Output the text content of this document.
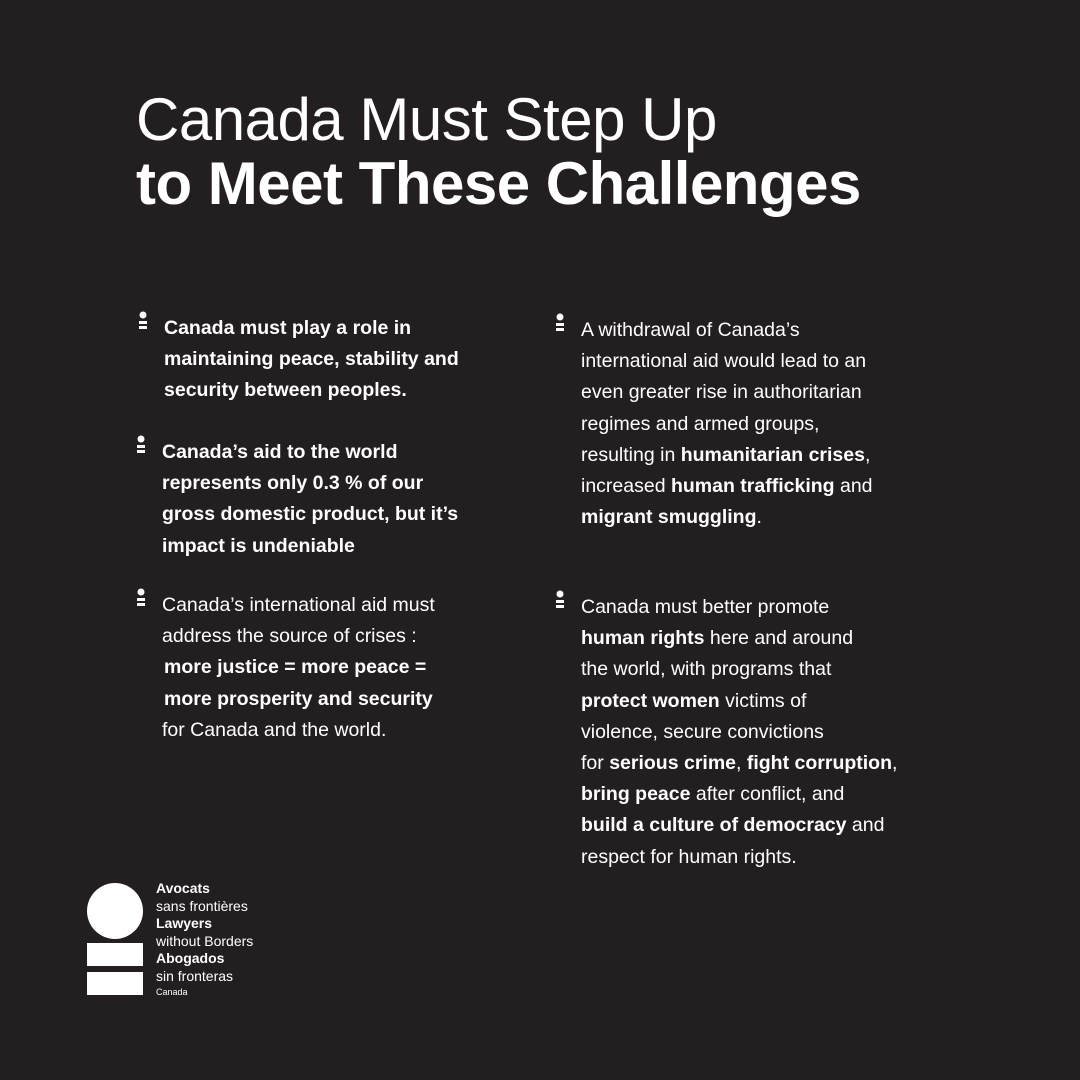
Canada Must Step Up
to Meet These Challenges

Canada must play a role in
maintaining peace, stability and
security between peoples.

Canada’s aid to the world
represents only 0.3 % of our
gross domestic product, but it’s
impact is undeniable

Canada’s international aid must
address the source of crises :
more justice = more peace =
more prosperity and security
for Canada and the world.

A withdrawal of Canada’s
international aid would lead to an
even greater rise in authoritarian
regimes and armed groups,
resulting in humanitarian crises,
increased human trafficking and
migrant smuggling.

Canada must better promote
human rights here and around
the world, with programs that
protect women victims of
violence, secure convictions
for serious crime, fight corruption,
bring peace after conflict, and
build a culture of democracy and
respect for human rights.

Avocats
sans frontières
Lawyers
without Borders
Abogados
sin fronteras
Canada
